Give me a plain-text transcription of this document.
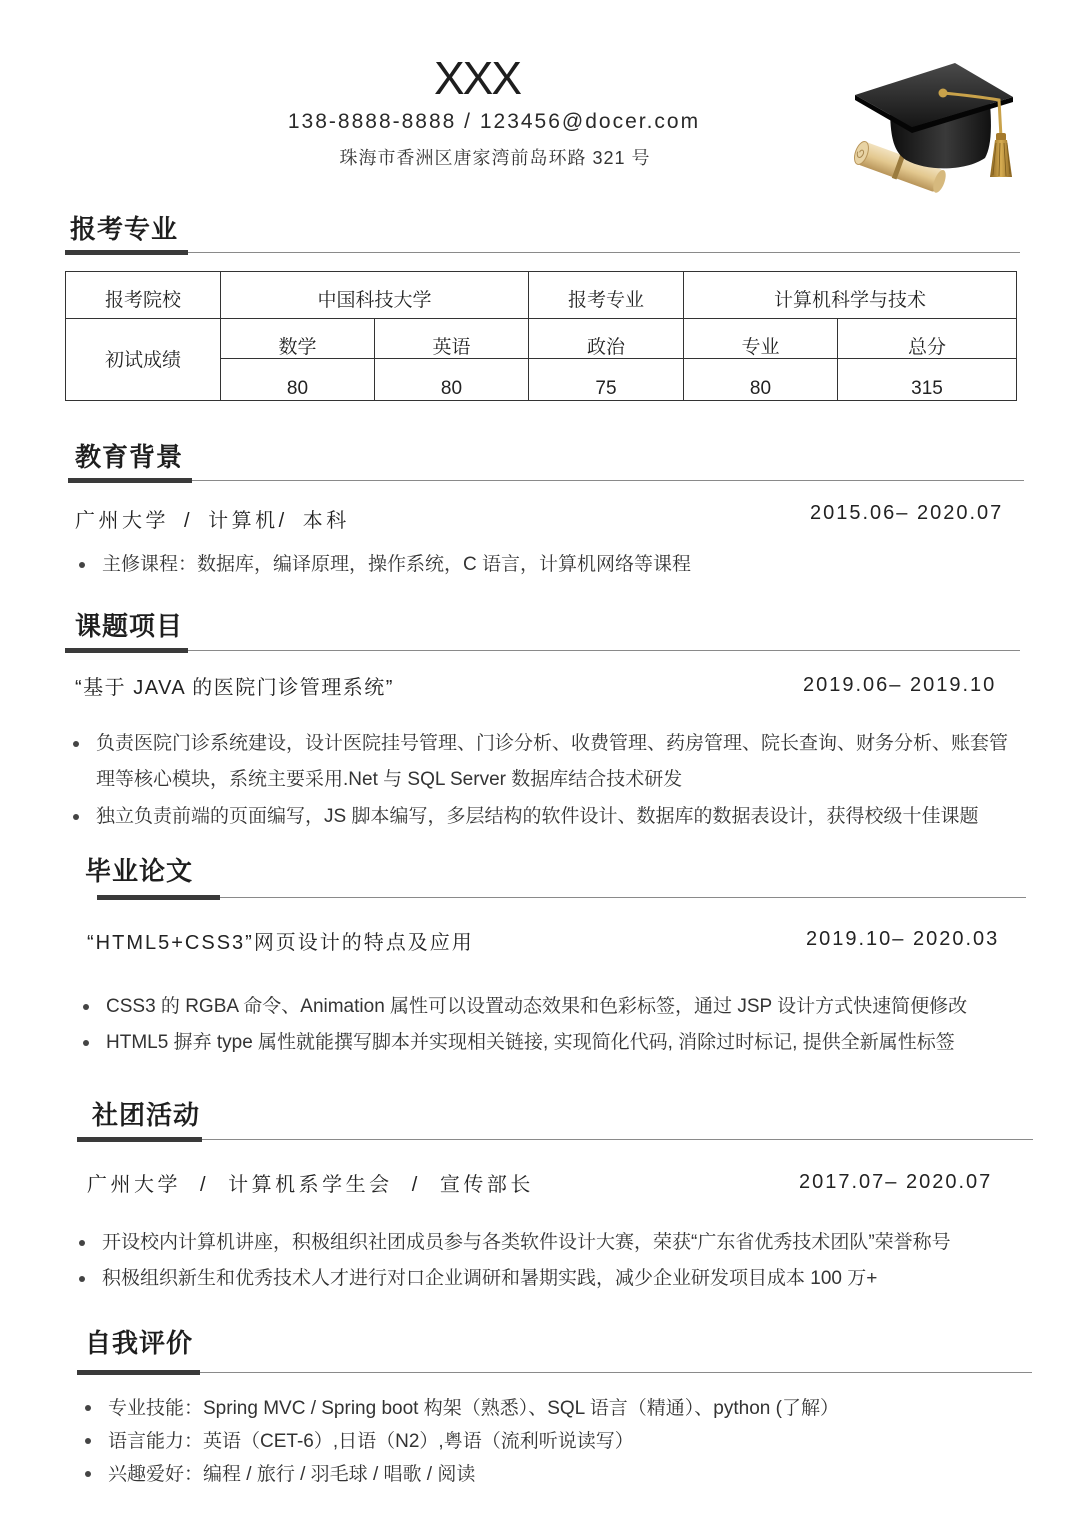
XXX
138-8888-8888 / 123456@docer.com
珠海市香洲区唐家湾前岛环路 321 号
报考专业
报考院校	中国科技大学	报考专业	计算机科学与技术
初试成绩
数学	英语	政治	专业	总分
80	80	75	80	315
教育背景
广州大学 / 计算机/ 本科	2015.06– 2020.07
主修课程：数据库，编译原理，操作系统，C 语言，计算机网络等课程
课题项目
“基于 JAVA 的医院门诊管理系统”	2019.06– 2019.10
负责医院门诊系统建设，设计医院挂号管理、门诊分析、收费管理、药房管理、院长查询、财务分析、账套管理等核心模块，系统主要采用.Net 与 SQL Server 数据库结合技术研发
独立负责前端的页面编写，JS 脚本编写，多层结构的软件设计、数据库的数据表设计，获得校级十佳课题
毕业论文
“HTML5+CSS3”网页设计的特点及应用	2019.10– 2020.03
CSS3 的 RGBA 命令、Animation 属性可以设置动态效果和色彩标签，通过 JSP 设计方式快速简便修改
HTML5 摒弃 type 属性就能撰写脚本并实现相关链接, 实现简化代码, 消除过时标记, 提供全新属性标签
社团活动
广州大学 / 计算机系学生会 / 宣传部长	2017.07– 2020.07
开设校内计算机讲座，积极组织社团成员参与各类软件设计大赛，荣获“广东省优秀技术团队”荣誉称号
积极组织新生和优秀技术人才进行对口企业调研和暑期实践，减少企业研发项目成本 100 万+
自我评价
专业技能：Spring MVC / Spring boot 构架（熟悉）、SQL 语言（精通）、python (了解）
语言能力：英语（CET-6）,日语（N2）,粤语（流利听说读写）
兴趣爱好：编程 / 旅行 / 羽毛球 / 唱歌 / 阅读
